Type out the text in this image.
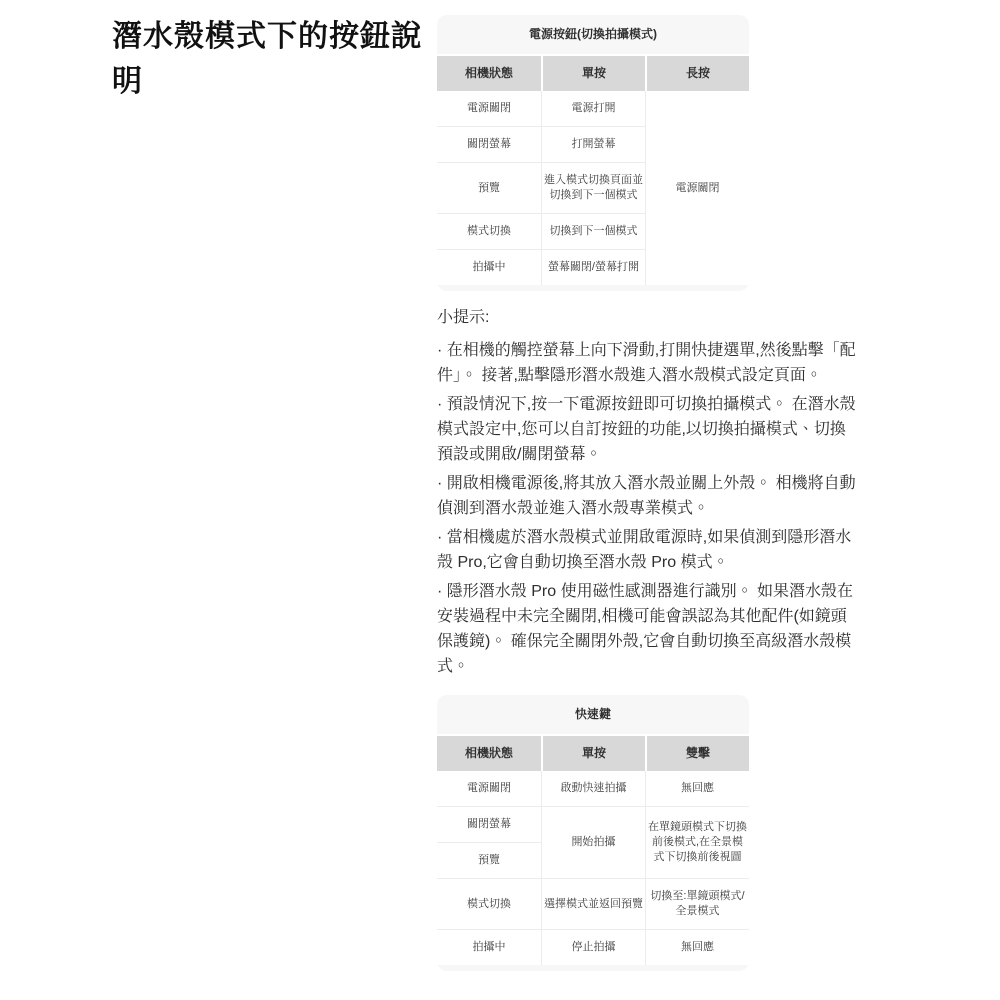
潛水殼模式下的按鈕說明
電源按鈕(切換拍攝模式)
相機狀態	單按	長按
電源關閉	電源打開	電源關閉
關閉螢幕	打開螢幕	
預覽	進入模式切換頁面並切換到下一個模式	
模式切換	切換到下一個模式	
拍攝中	螢幕關閉/螢幕打開	

小提示:

· 在相機的觸控螢幕上向下滑動,打開快捷選單,然後點擊「配件」。 接著,點擊隱形潛水殼進入潛水殼模式設定頁面。

· 預設情況下,按一下電源按鈕即可切換拍攝模式。 在潛水殼模式設定中,您可以自訂按鈕的功能,以切換拍攝模式、切換預設或開啟/關閉螢幕。

· 開啟相機電源後,將其放入潛水殼並關上外殼。 相機將自動偵測到潛水殼並進入潛水殼專業模式。

· 當相機處於潛水殼模式並開啟電源時,如果偵測到隱形潛水殼 Pro,它會自動切換至潛水殼 Pro 模式。

· 隱形潛水殼 Pro 使用磁性感測器進行識別。 如果潛水殼在安裝過程中未完全關閉,相機可能會誤認為其他配件(如鏡頭保護鏡)。 確保完全關閉外殼,它會自動切換至高級潛水殼模式。

快速鍵
相機狀態	單按	雙擊
電源關閉	啟動快速拍攝	無回應
關閉螢幕	開始拍攝	在單鏡頭模式下切換前後模式,在全景模式下切換前後視圖
預覽		
模式切換	選擇模式並返回預覽	切換至:單鏡頭模式/全景模式
拍攝中	停止拍攝	無回應
